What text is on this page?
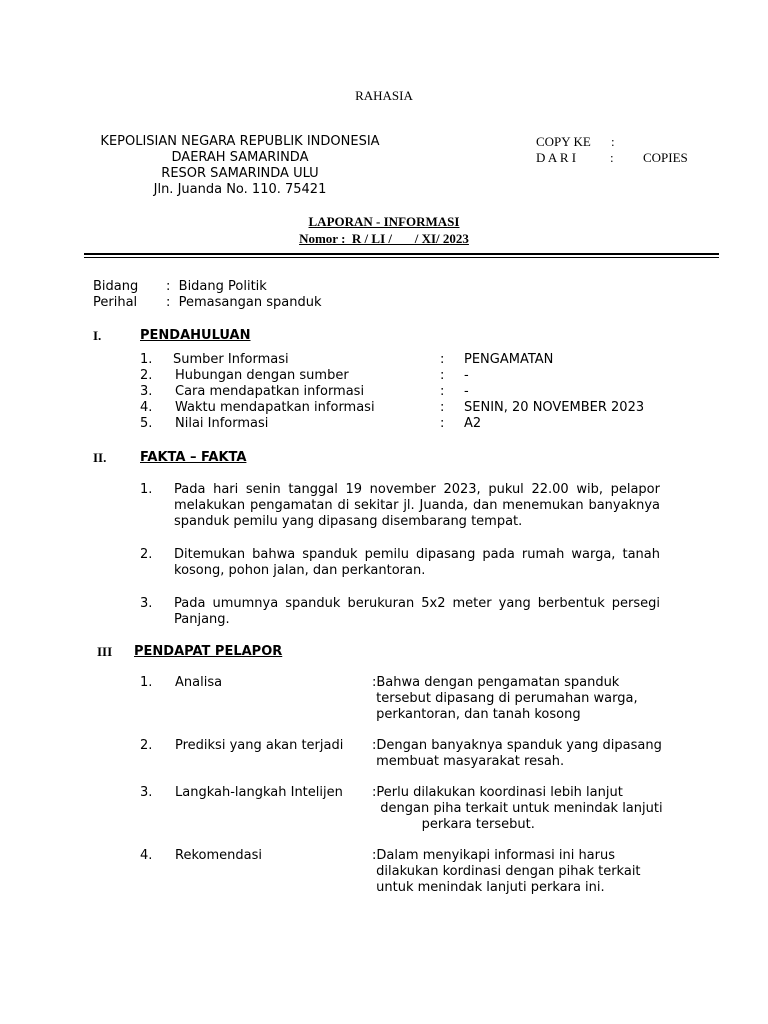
RAHASIA
KEPOLISIAN NEGARA REPUBLIK INDONESIA
DAERAH SAMARINDA
RESOR SAMARINDA ULU
Jln. Juanda No. 110. 75421
COPY KE :
D A R I	: COPIES
LAPORAN - INFORMASI
Nomor :  R / LI /       / XI/ 2023
Bidang :  Bidang Politik
Perihal :  Pemasangan spanduk
I.	PENDAHULUAN
1. Sumber Informasi	: PENGAMATAN
2. Hubungan dengan sumber	: -
3. Cara mendapatkan informasi	: -
4. Waktu mendapatkan informasi	: SENIN, 20 NOVEMBER 2023
5. Nilai Informasi	: A2
II.	FAKTA – FAKTA
1. Pada hari senin tanggal 19 november 2023, pukul 22.00 wib, pelapor melakukan pengamatan di sekitar jl. Juanda, dan menemukan banyaknya spanduk pemilu yang dipasang disembarang tempat.
2. Ditemukan bahwa spanduk pemilu dipasang pada rumah warga, tanah kosong, pohon jalan, dan perkantoran.
3. Pada umumnya spanduk berukuran 5x2 meter yang berbentuk persegi Panjang.
III PENDAPAT PELAPOR
1. Analisa	:Bahwa dengan pengamatan spanduk
tersebut dipasang di perumahan warga,
perkantoran, dan tanah kosong
2. Prediksi yang akan terjadi :Dengan banyaknya spanduk yang dipasang
membuat masyarakat resah.
3. Langkah-langkah Intelijen :Perlu dilakukan koordinasi lebih lanjut
dengan piha terkait untuk menindak lanjuti
perkara tersebut.
4. Rekomendasi	:Dalam menyikapi informasi ini harus
dilakukan kordinasi dengan pihak terkait
untuk menindak lanjuti perkara ini.
